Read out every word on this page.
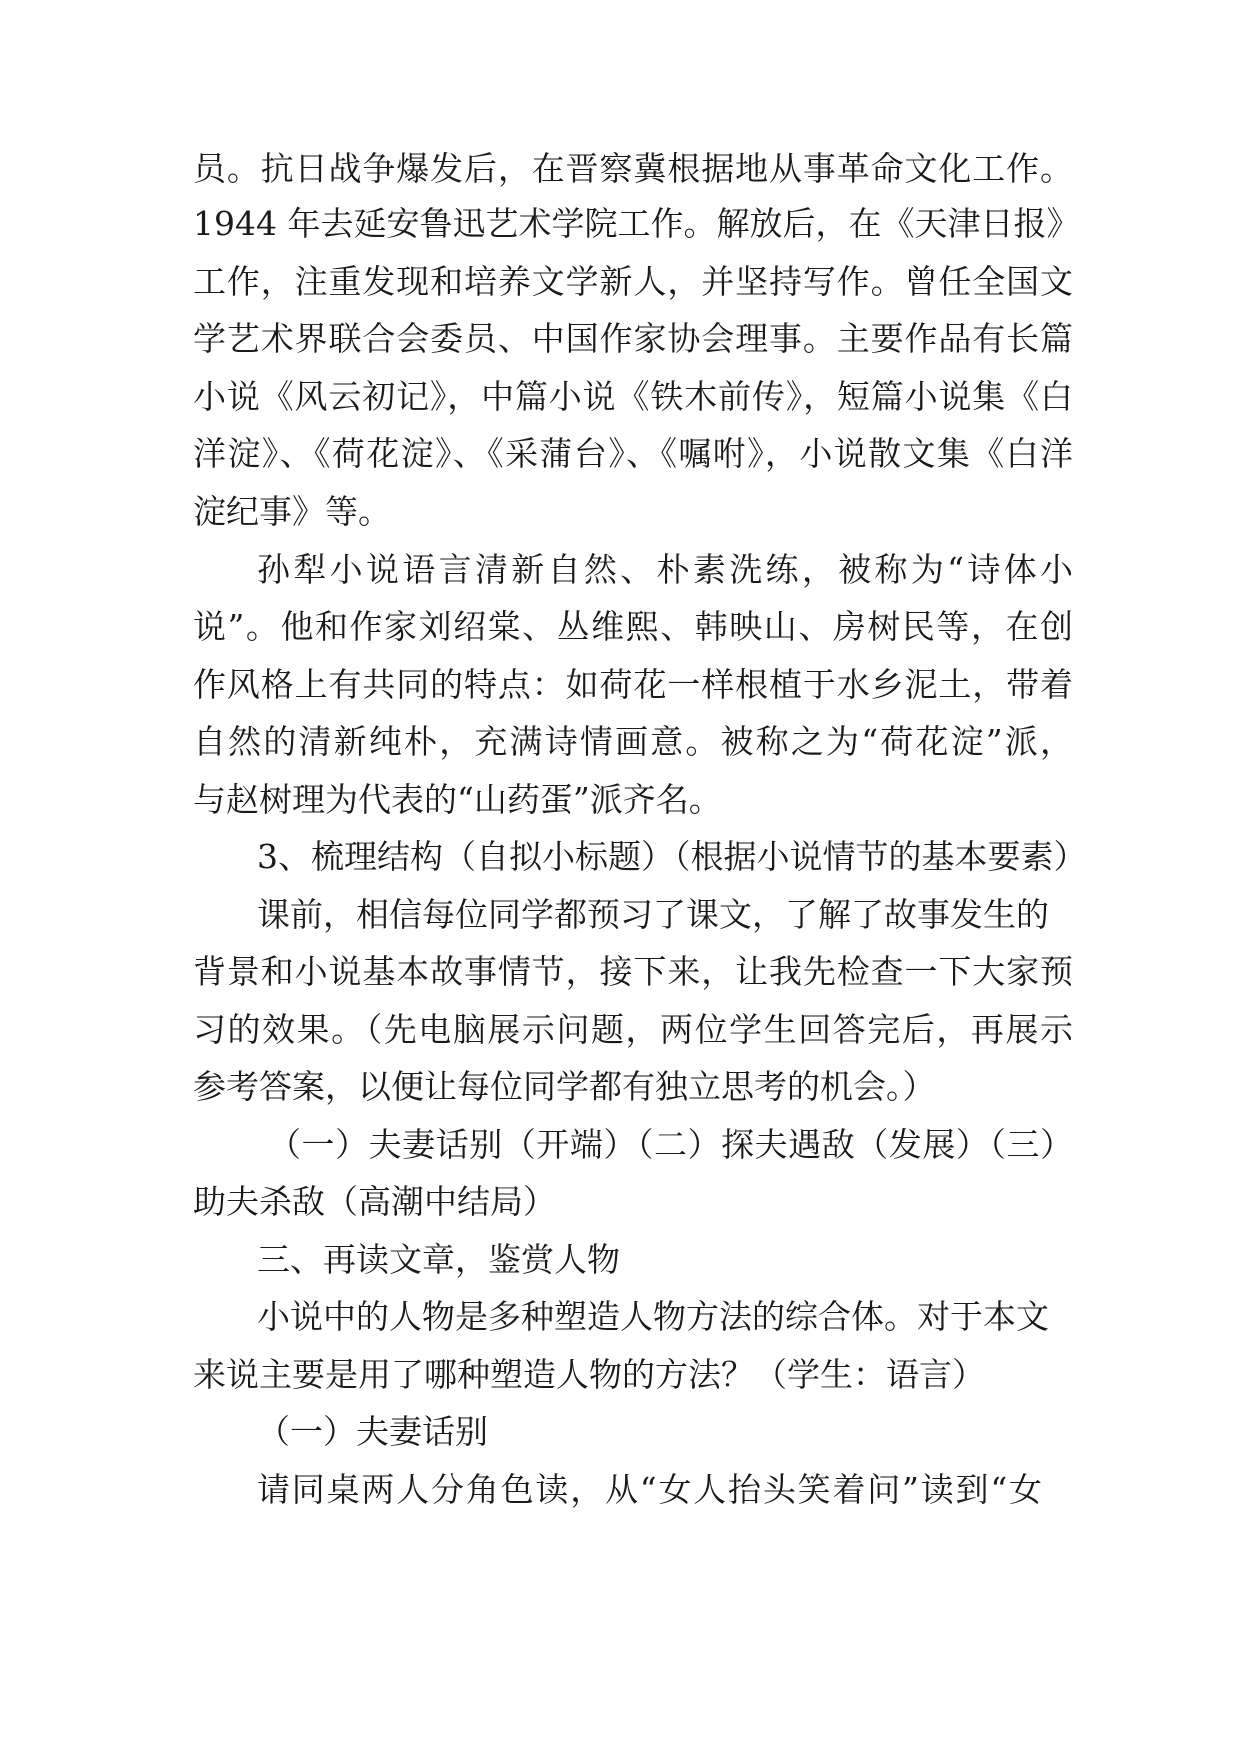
员。抗日战争爆发后，在晋察冀根据地从事革命文化工作。
1944 年去延安鲁迅艺术学院工作。解放后，在《天津日报》
工作，注重发现和培养文学新人，并坚持写作。曾任全国文
学艺术界联合会委员、中国作家协会理事。主要作品有长篇
小说《风云初记》，中篇小说《铁木前传》，短篇小说集《白
洋淀》、《荷花淀》、《采蒲台》、《嘱咐》，小说散文集《白洋
淀纪事》等。
孙犁小说语言清新自然、朴素洗练，被称为“诗体小
说”。他和作家刘绍棠、丛维熙、韩映山、房树民等，在创
作风格上有共同的特点：如荷花一样根植于水乡泥土，带着
自然的清新纯朴，充满诗情画意。被称之为“荷花淀”派，
与赵树理为代表的“山药蛋”派齐名。
3、梳理结构（自拟小标题）（根据小说情节的基本要素）
课前，相信每位同学都预习了课文，了解了故事发生的
背景和小说基本故事情节，接下来，让我先检查一下大家预
习的效果。（先电脑展示问题，两位学生回答完后，再展示
参考答案，以便让每位同学都有独立思考的机会。）
（一）夫妻话别（开端）（二）探夫遇敌（发展）（三）
助夫杀敌（高潮中结局）
三、再读文章，鉴赏人物
小说中的人物是多种塑造人物方法的综合体。对于本文
来说主要是用了哪种塑造人物的方法？（学生：语言）
（一）夫妻话别
请同桌两人分角色读，从“女人抬头笑着问”读到“女
